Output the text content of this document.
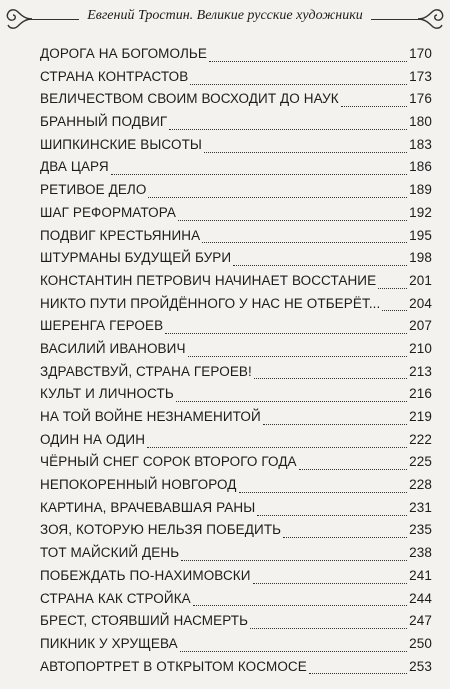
Евгений Тростин. Великие русские художники
ДОРОГА НА БОГОМОЛЬЕ	170
СТРАНА КОНТРАСТОВ	173
ВЕЛИЧЕСТВОМ СВОИМ ВОСХОДИТ ДО НАУК	176
БРАННЫЙ ПОДВИГ	180
ШИПКИНСКИЕ ВЫСОТЫ	183
ДВА ЦАРЯ	186
РЕТИВОЕ ДЕЛО	189
ШАГ РЕФОРМАТОРА	192
ПОДВИГ КРЕСТЬЯНИНА	195
ШТУРМАНЫ БУДУЩЕЙ БУРИ	198
КОНСТАНТИН ПЕТРОВИЧ НАЧИНАЕТ ВОССТАНИЕ 201
НИКТО ПУТИ ПРОЙДЁННОГО У НАС НЕ ОТБЕРЁТ... 204
ШЕРЕНГА ГЕРОЕВ	207
ВАСИЛИЙ ИВАНОВИЧ	210
ЗДРАВСТВУЙ, СТРАНА ГЕРОЕВ!	213
КУЛЬТ И ЛИЧНОСТЬ	216
НА ТОЙ ВОЙНЕ НЕЗНАМЕНИТОЙ	219
ОДИН НА ОДИН	222
ЧЁРНЫЙ СНЕГ СОРОК ВТОРОГО ГОДА	225
НЕПОКОРЕННЫЙ НОВГОРОД	228
КАРТИНА, ВРАЧЕВАВШАЯ РАНЫ	231
ЗОЯ, КОТОРУЮ НЕЛЬЗЯ ПОБЕДИТЬ	235
ТОТ МАЙСКИЙ ДЕНЬ	238
ПОБЕЖДАТЬ ПО-НАХИМОВСКИ	241
СТРАНА КАК СТРОЙКА	244
БРЕСТ, СТОЯВШИЙ НАСМЕРТЬ	247
ПИКНИК У ХРУЩЕВА	250
АВТОПОРТРЕТ В ОТКРЫТОМ КОСМОСЕ	253
